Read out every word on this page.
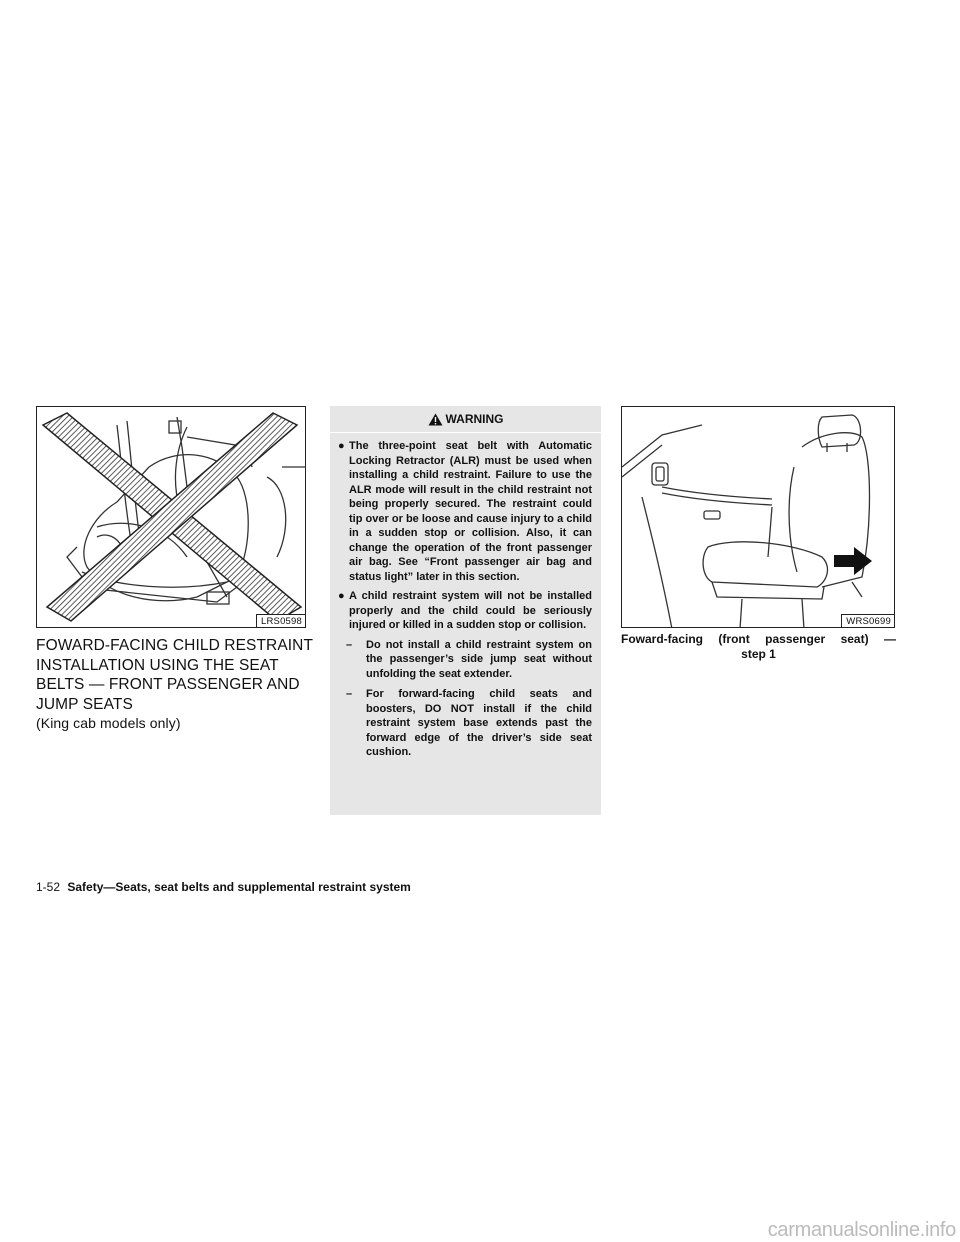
LRS0598
FOWARD-FACING CHILD RESTRAINT INSTALLATION USING THE SEAT BELTS — FRONT PASSENGER AND JUMP SEATS
(King cab models only)
WARNING
● The three-point seat belt with Automatic Locking Retractor (ALR) must be used when installing a child restraint. Failure to use the ALR mode will result in the child restraint not being properly secured. The restraint could tip over or be loose and cause injury to a child in a sudden stop or collision. Also, it can change the operation of the front passenger air bag. See “Front passenger air bag and status light” later in this section.
● A child restraint system will not be installed properly and the child could be seriously injured or killed in a sudden stop or collision.
– Do not install a child restraint system on the passenger’s side jump seat without unfolding the seat extender.
– For forward-facing child seats and boosters, DO NOT install if the child restraint system base extends past the forward edge of the driver’s side seat cushion.
WRS0699
Foward-facing (front passenger seat) —
step 1
1-52 Safety—Seats, seat belts and supplemental restraint system
carmanualsonline.info
